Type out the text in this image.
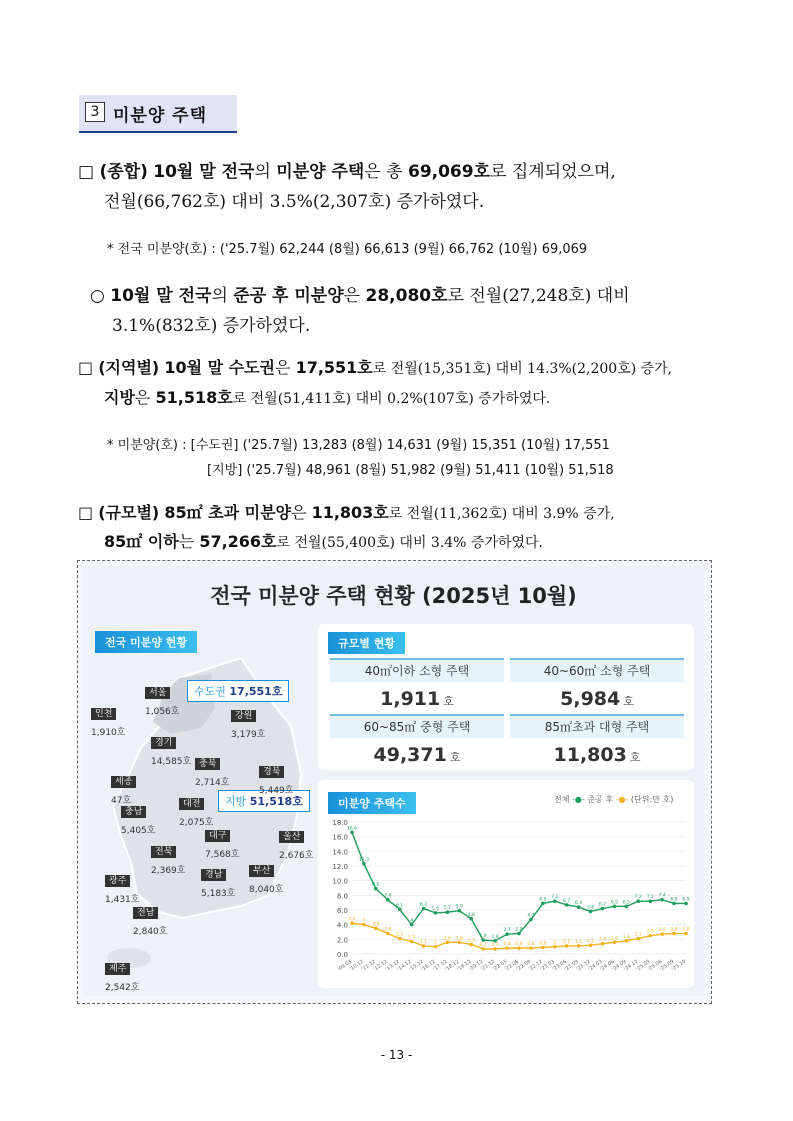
3 미분양 주택
□ (종합) 10월 말 전국의 미분양 주택은 총 69,069호로 집계되었으며,
전월(66,762호) 대비 3.5%(2,307호) 증가하였다.
* 전국 미분양(호) : ('25.7월) 62,244 (8월) 66,613 (9월) 66,762 (10월) 69,069
○ 10월 말 전국의 준공 후 미분양은 28,080호로 전월(27,248호) 대비
3.1%(832호) 증가하였다.
□ (지역별) 10월 말 수도권은 17,551호로 전월(15,351호) 대비 14.3%(2,200호) 증가,
지방은 51,518호로 전월(51,411호) 대비 0.2%(107호) 증가하였다.
* 미분양(호) : [수도권] ('25.7월) 13,283 (8월) 14,631 (9월) 15,351 (10월) 17,551
[지방] ('25.7월) 48,961 (8월) 51,982 (9월) 51,411 (10월) 51,518
□ (규모별) 85㎡ 초과 미분양은 11,803호로 전월(11,362호) 대비 3.9% 증가,
85㎡ 이하는 57,266호로 전월(55,400호) 대비 3.4% 증가하였다.
전국 미분양 주택 현황 (2025년 10월)
전국 미분양 현황
수도권 17,551호
지방 51,518호
서울
1,056호
인천
1,910호
경기
14,585호
강원
3,179호
충북
2,714호
세종
47호
경북
5,449호
대전
2,075호
충남
5,405호	대구
7,568호
울산
2,676호
전북
2,369호	경남
5,183호
부산
8,040호
광주
1,431호
전남
2,840호
제주
2,542호
규모별 현황
40㎡이하 소형 주택
1,911 호
40~60㎡ 소형 주택
5,984 호
60~85㎡ 중형 주택
49,371 호
85㎡초과 대형 주택
11,803 호
미분양 주택수	전체 -●- 준공 후 -●- (단위:만 호)
0.0
2.0
4.0
6.0
8.0
10.0
12.0
14.0
16.0
18.0
'09.03
'10.12
'11.12
'12.12
'13.12
'14.12
'15.12
'16.12
'17.12
'18.12
'19.12
'20.12
'21.12
'22.03
'22.06
'22.09
'22.12
'23.03
'23.06
'23.09
'23.12
'24.03
'24.06
'24.09
'24.12
'25.03
'25.06
'25.09
'25.10
16.6
12.3
8.9
7.4
6.1
4
6.2
5.6 5.7 5.9
4.8
1.9 1.8
2.7 2.8
4.7
6.9 7.2
6.7 6.4
5.8
6.2 6.5 6.5
7.2 7.2 7.4
6.9 6.9
4.2 4
3.5
2.8
2.1
1.7
1.1 1
1.6 1.6 1.3
0.7 0.7 0.8 0.8 0.8 0.9 1 1.1 1.1 1.2 1.4 1.6 1.8 2.1
2.5 2.7 2.8 2.8
- 13 -
